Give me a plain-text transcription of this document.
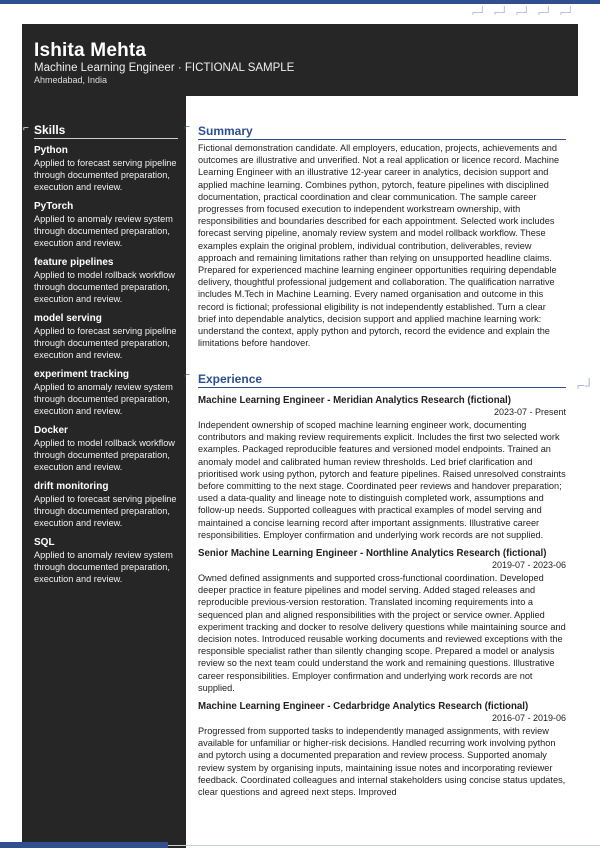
⌐┘ ⌐┘ ⌐┘ ⌐┘ ⌐┘
⌐┘
Ishita Mehta
Machine Learning Engineer · FICTIONAL SAMPLE
Ahmedabad, India
⌐ Skills
Python
Applied to forecast serving pipeline through documented preparation, execution and review.
PyTorch
Applied to anomaly review system through documented preparation, execution and review.
feature pipelines
Applied to model rollback workflow through documented preparation, execution and review.
model serving
Applied to forecast serving pipeline through documented preparation, execution and review.
experiment tracking
Applied to anomaly review system through documented preparation, execution and review.
Docker
Applied to model rollback workflow through documented preparation, execution and review.
drift monitoring
Applied to forecast serving pipeline through documented preparation, execution and review.
SQL
Applied to anomaly review system through documented preparation, execution and review.
⌐ Summary
Fictional demonstration candidate. All employers, education, projects, achievements and outcomes are illustrative and unverified. Not a real application or licence record. Machine Learning Engineer with an illustrative 12-year career in analytics, decision support and applied machine learning. Combines python, pytorch, feature pipelines with disciplined documentation, practical coordination and clear communication. The sample career progresses from focused execution to independent workstream ownership, with responsibilities and boundaries described for each appointment. Selected work includes forecast serving pipeline, anomaly review system and model rollback workflow. These examples explain the original problem, individual contribution, deliverables, review approach and remaining limitations rather than relying on unsupported headline claims. Prepared for experienced machine learning engineer opportunities requiring dependable delivery, thoughtful professional judgement and collaboration. The qualification narrative includes M.Tech in Machine Learning. Every named organisation and outcome in this record is fictional; professional eligibility is not independently established. Turn a clear brief into dependable analytics, decision support and applied machine learning work: understand the context, apply python and pytorch, record the evidence and explain the limitations before handover.
⌐ Experience
Machine Learning Engineer - Meridian Analytics Research (fictional)
2023-07 - Present
Independent ownership of scoped machine learning engineer work, documenting contributors and making review requirements explicit. Includes the first two selected work examples. Packaged reproducible features and versioned model endpoints. Trained an anomaly model and calibrated human review thresholds. Led brief clarification and prioritised work using python, pytorch and feature pipelines. Raised unresolved constraints before committing to the next stage. Coordinated peer reviews and handover preparation; used a data-quality and lineage note to distinguish completed work, assumptions and follow-up needs. Supported colleagues with practical examples of model serving and maintained a concise learning record after important assignments. Illustrative career responsibilities. Employer confirmation and underlying work records are not supplied.
Senior Machine Learning Engineer - Northline Analytics Research (fictional)
2019-07 - 2023-06
Owned defined assignments and supported cross-functional coordination. Developed deeper practice in feature pipelines and model serving. Added staged releases and reproducible previous-version restoration. Translated incoming requirements into a sequenced plan and aligned responsibilities with the project or service owner. Applied experiment tracking and docker to resolve delivery questions while maintaining source and decision notes. Introduced reusable working documents and reviewed exceptions with the responsible specialist rather than silently changing scope. Prepared a model or analysis review so the next team could understand the work and remaining questions. Illustrative career responsibilities. Employer confirmation and underlying work records are not supplied.
Machine Learning Engineer - Cedarbridge Analytics Research (fictional)
2016-07 - 2019-06
Progressed from supported tasks to independently managed assignments, with review available for unfamiliar or higher-risk decisions. Handled recurring work involving python and pytorch using a documented preparation and review process. Supported anomaly review system by organising inputs, maintaining issue notes and incorporating reviewer feedback. Coordinated colleagues and internal stakeholders using concise status updates, clear questions and agreed next steps. Improved
